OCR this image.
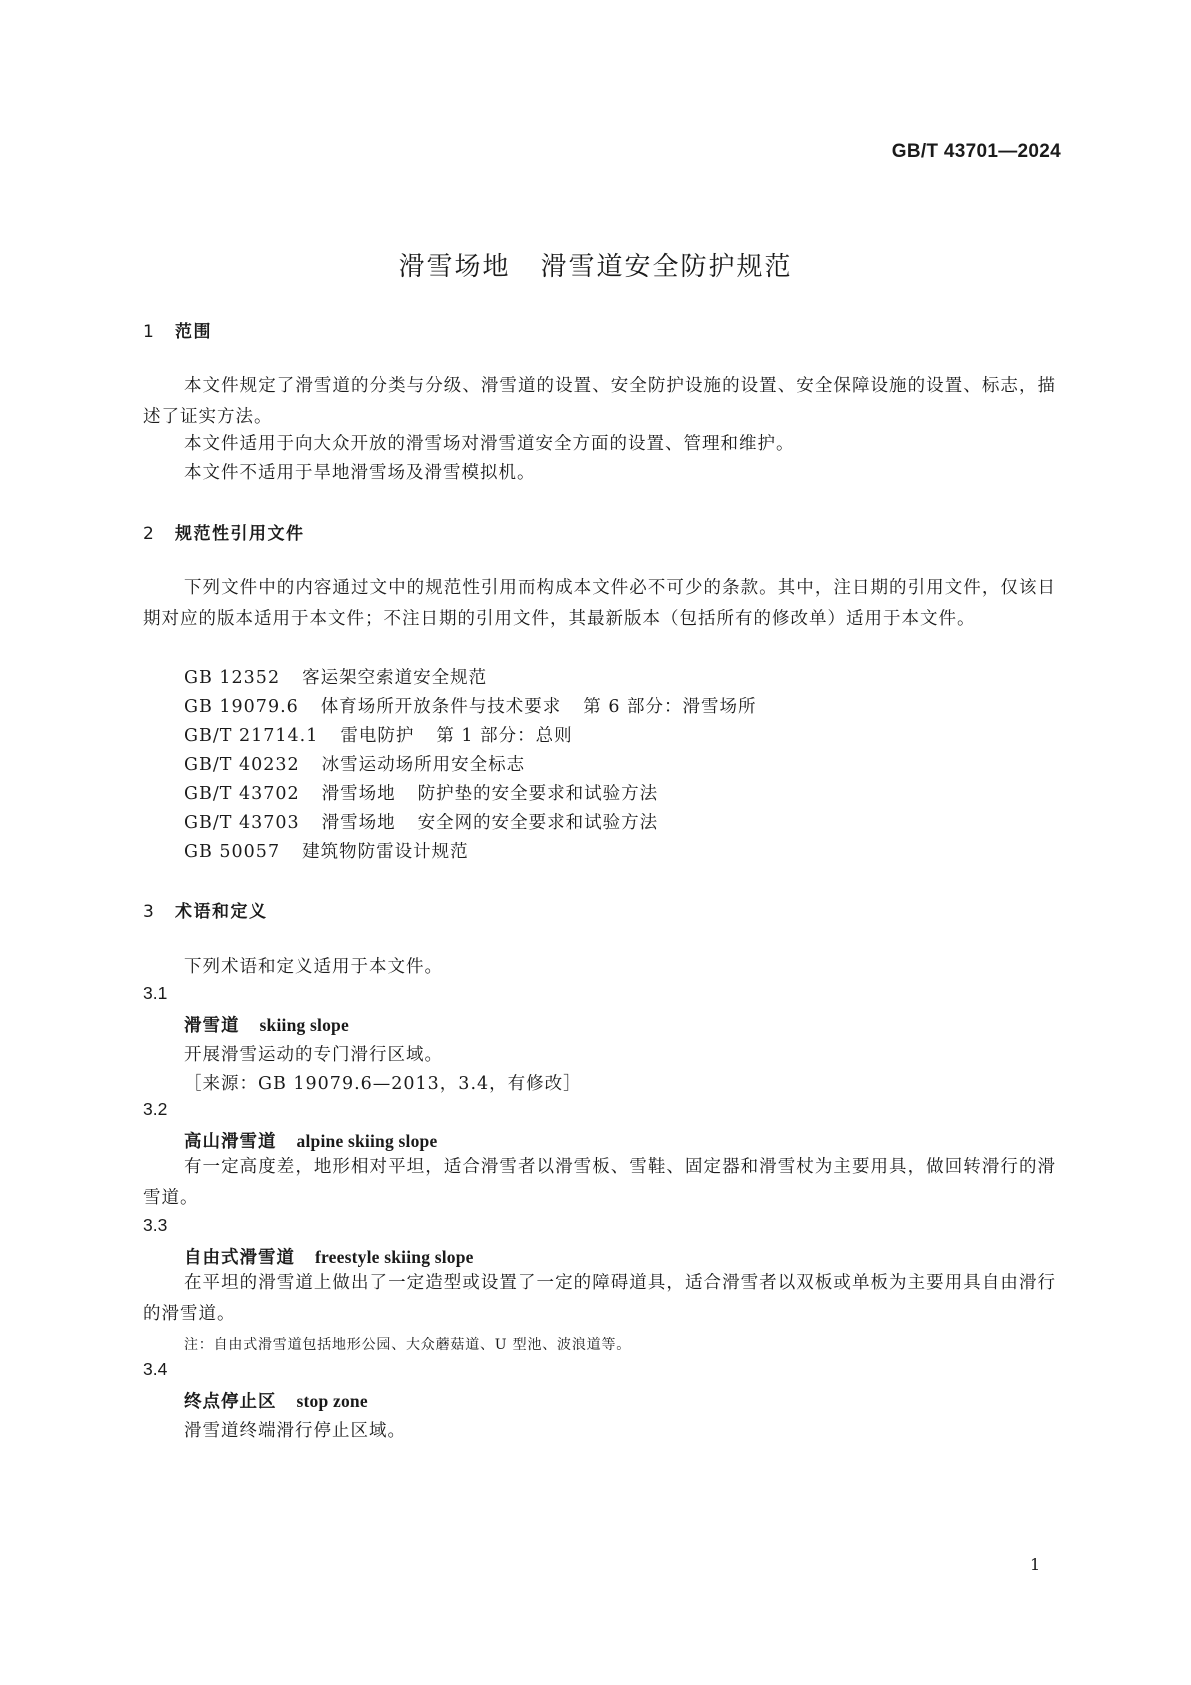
GB/T 43701—2024
滑雪场地 滑雪道安全防护规范
1 范围
本文件规定了滑雪道的分类与分级、滑雪道的设置、安全防护设施的设置、安全保障设施的设置、标志，描述了证实方法。
本文件适用于向大众开放的滑雪场对滑雪道安全方面的设置、管理和维护。
本文件不适用于旱地滑雪场及滑雪模拟机。
2 规范性引用文件
下列文件中的内容通过文中的规范性引用而构成本文件必不可少的条款。其中，注日期的引用文件，仅该日期对应的版本适用于本文件；不注日期的引用文件，其最新版本（包括所有的修改单）适用于本文件。
GB 12352 客运架空索道安全规范
GB 19079.6 体育场所开放条件与技术要求 第 6 部分：滑雪场所
GB/T 21714.1 雷电防护 第 1 部分：总则
GB/T 40232 冰雪运动场所用安全标志
GB/T 43702 滑雪场地 防护垫的安全要求和试验方法
GB/T 43703 滑雪场地 安全网的安全要求和试验方法
GB 50057 建筑物防雷设计规范
3 术语和定义
下列术语和定义适用于本文件。
3.1
滑雪道 skiing slope
开展滑雪运动的专门滑行区域。
［来源：GB 19079.6—2013，3.4，有修改］
3.2
高山滑雪道 alpine skiing slope
有一定高度差，地形相对平坦，适合滑雪者以滑雪板、雪鞋、固定器和滑雪杖为主要用具，做回转滑行的滑雪道。
3.3
自由式滑雪道 freestyle skiing slope
在平坦的滑雪道上做出了一定造型或设置了一定的障碍道具，适合滑雪者以双板或单板为主要用具自由滑行的滑雪道。
注：自由式滑雪道包括地形公园、大众蘑菇道、U 型池、波浪道等。
3.4
终点停止区 stop zone
滑雪道终端滑行停止区域。
1
